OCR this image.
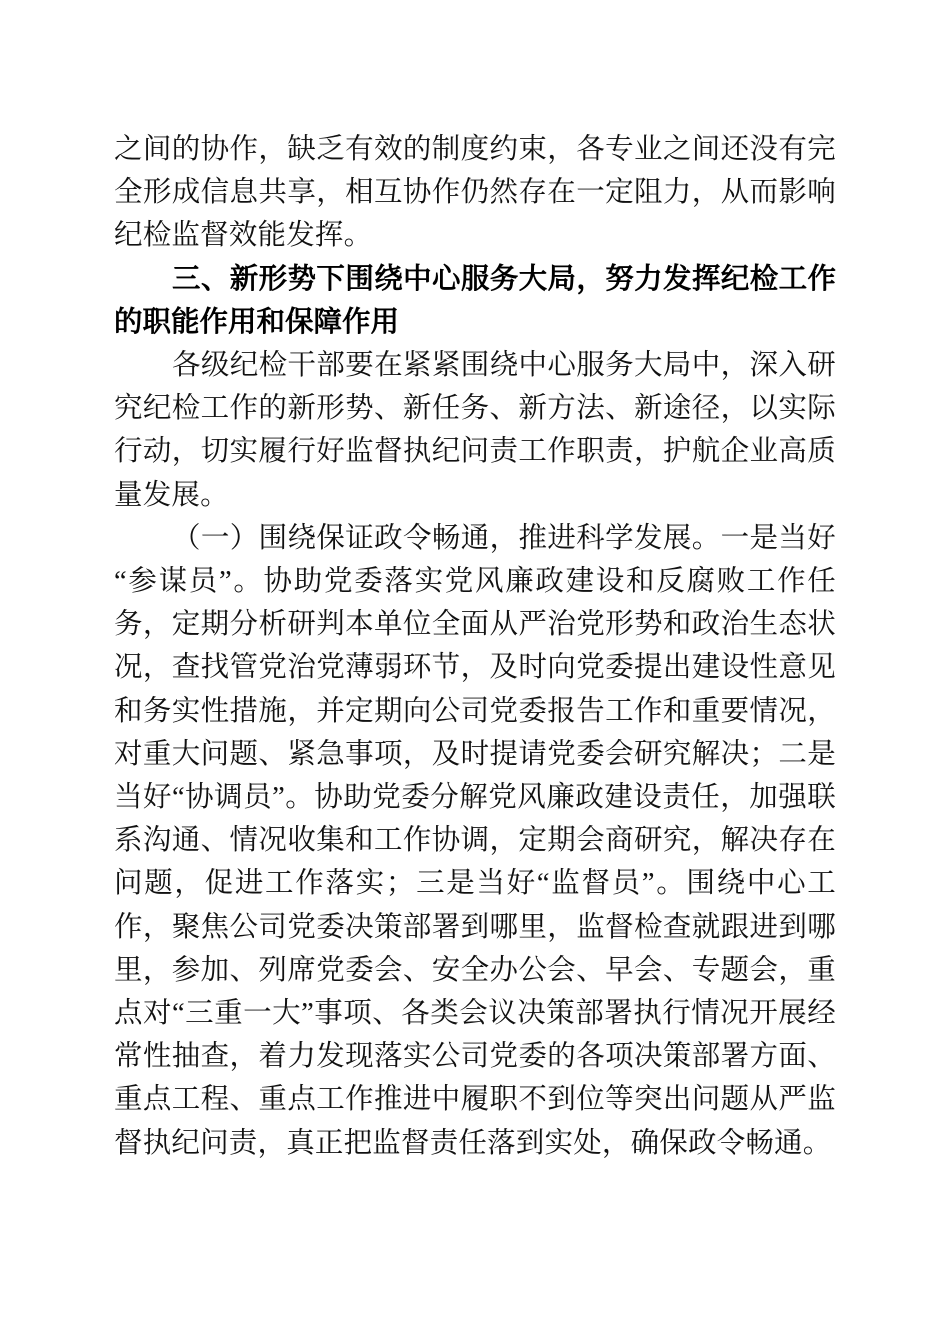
之间的协作，缺乏有效的制度约束，各专业之间还没有完全形成信息共享，相互协作仍然存在一定阻力，从而影响纪检监督效能发挥。

三、新形势下围绕中心服务大局，努力发挥纪检工作的职能作用和保障作用

各级纪检干部要在紧紧围绕中心服务大局中，深入研究纪检工作的新形势、新任务、新方法、新途径，以实际行动，切实履行好监督执纪问责工作职责，护航企业高质量发展。

（一）围绕保证政令畅通，推进科学发展。一是当好“参谋员”。协助党委落实党风廉政建设和反腐败工作任务，定期分析研判本单位全面从严治党形势和政治生态状况，查找管党治党薄弱环节，及时向党委提出建设性意见和务实性措施，并定期向公司党委报告工作和重要情况，对重大问题、紧急事项，及时提请党委会研究解决；二是当好“协调员”。协助党委分解党风廉政建设责任，加强联系沟通、情况收集和工作协调，定期会商研究，解决存在问题，促进工作落实；三是当好“监督员”。围绕中心工作，聚焦公司党委决策部署到哪里，监督检查就跟进到哪里，参加、列席党委会、安全办公会、早会、专题会，重点对“三重一大”事项、各类会议决策部署执行情况开展经常性抽查，着力发现落实公司党委的各项决策部署方面、重点工程、重点工作推进中履职不到位等突出问题从严监督执纪问责，真正把监督责任落到实处，确保政令畅通。
